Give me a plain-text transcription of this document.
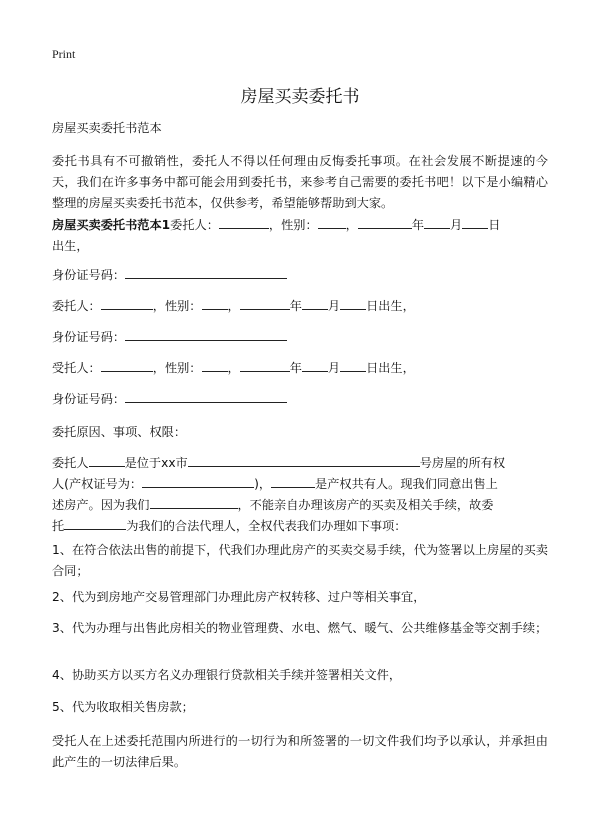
Print
房屋买卖委托书
房屋买卖委托书范本
委托书具有不可撤销性，委托人不得以任何理由反悔委托事项。在社会发展不断提速的今天，我们在许多事务中都可能会用到委托书，来参考自己需要的委托书吧！以下是小编精心整理的房屋买卖委托书范本，仅供参考，希望能够帮助到大家。
房屋买卖委托书范本1委托人：	，性别： ，	年 月 日
出生，
身份证号码：
委托人：	，性别： ，	年 月 日出生，
身份证号码：
受托人：	，性别： ，	年 月 日出生，
身份证号码：
委托原因、事项、权限：
委托人	是位于xx市	号房屋的所有权
人(产权证号为：	)，	是产权共有人。现我们同意出售上
述房产。因为我们	，不能亲自办理该房产的买卖及相关手续，故委
托	为我们的合法代理人，全权代表我们办理如下事项：
1、在符合依法出售的前提下，代我们办理此房产的买卖交易手续，代为签署以上房屋的买卖合同；
2、代为到房地产交易管理部门办理此房产权转移、过户等相关事宜，
3、代为办理与出售此房相关的物业管理费、水电、燃气、暖气、公共维修基金等交割手续；
4、协助买方以买方名义办理银行贷款相关手续并签署相关文件，
5、代为收取相关售房款；
受托人在上述委托范围内所进行的一切行为和所签署的一切文件我们均予以承认，并承担由此产生的一切法律后果。
